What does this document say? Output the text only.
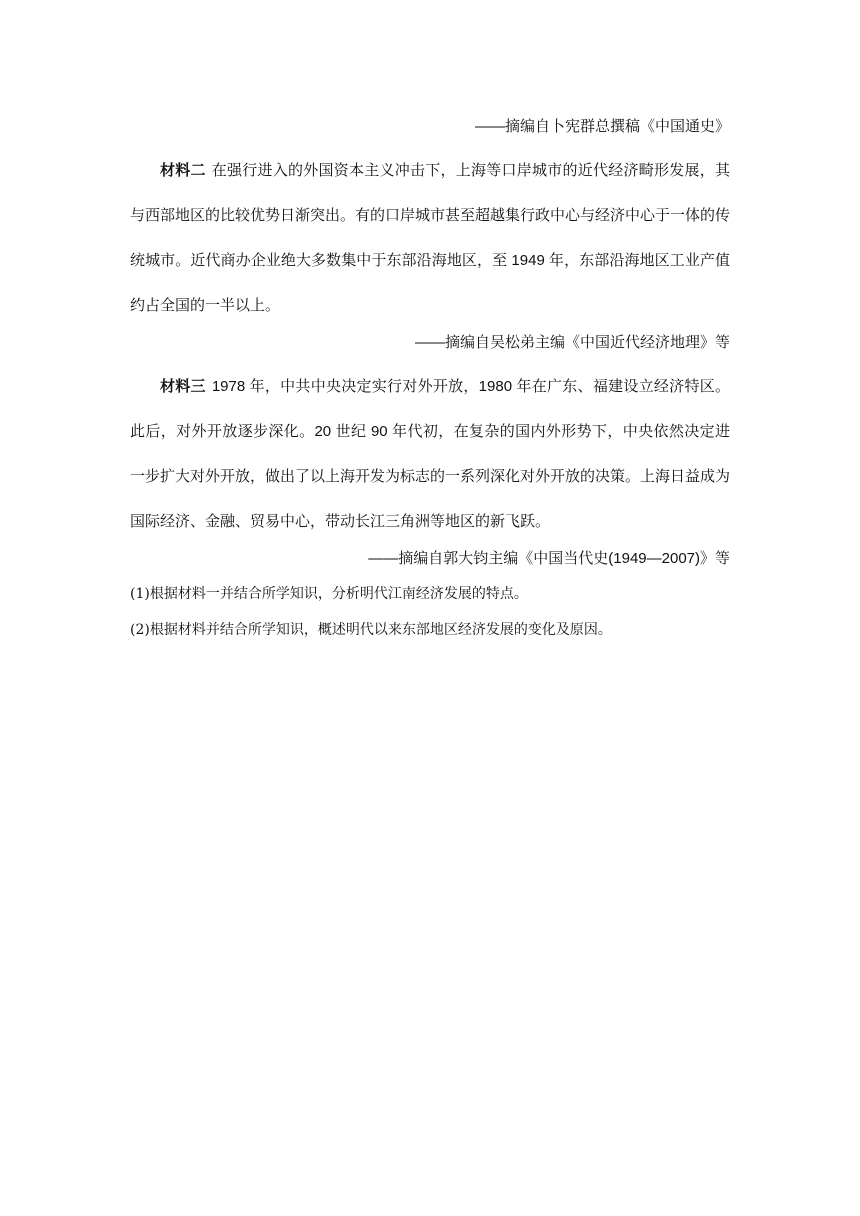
——摘编自卜宪群总撰稿《中国通史》

材料二 在强行进入的外国资本主义冲击下，上海等口岸城市的近代经济畸形发展，其与西部地区的比较优势日渐突出。有的口岸城市甚至超越集行政中心与经济中心于一体的传统城市。近代商办企业绝大多数集中于东部沿海地区，至 1949 年，东部沿海地区工业产值约占全国的一半以上。

——摘编自吴松弟主编《中国近代经济地理》等

材料三 1978 年，中共中央决定实行对外开放，1980 年在广东、福建设立经济特区。此后，对外开放逐步深化。20 世纪 90 年代初，在复杂的国内外形势下，中央依然决定进一步扩大对外开放，做出了以上海开发为标志的一系列深化对外开放的决策。上海日益成为国际经济、金融、贸易中心，带动长江三角洲等地区的新飞跃。

——摘编自郭大钧主编《中国当代史(1949—2007)》等
(1)根据材料一并结合所学知识，分析明代江南经济发展的特点。
(2)根据材料并结合所学知识，概述明代以来东部地区经济发展的变化及原因。
